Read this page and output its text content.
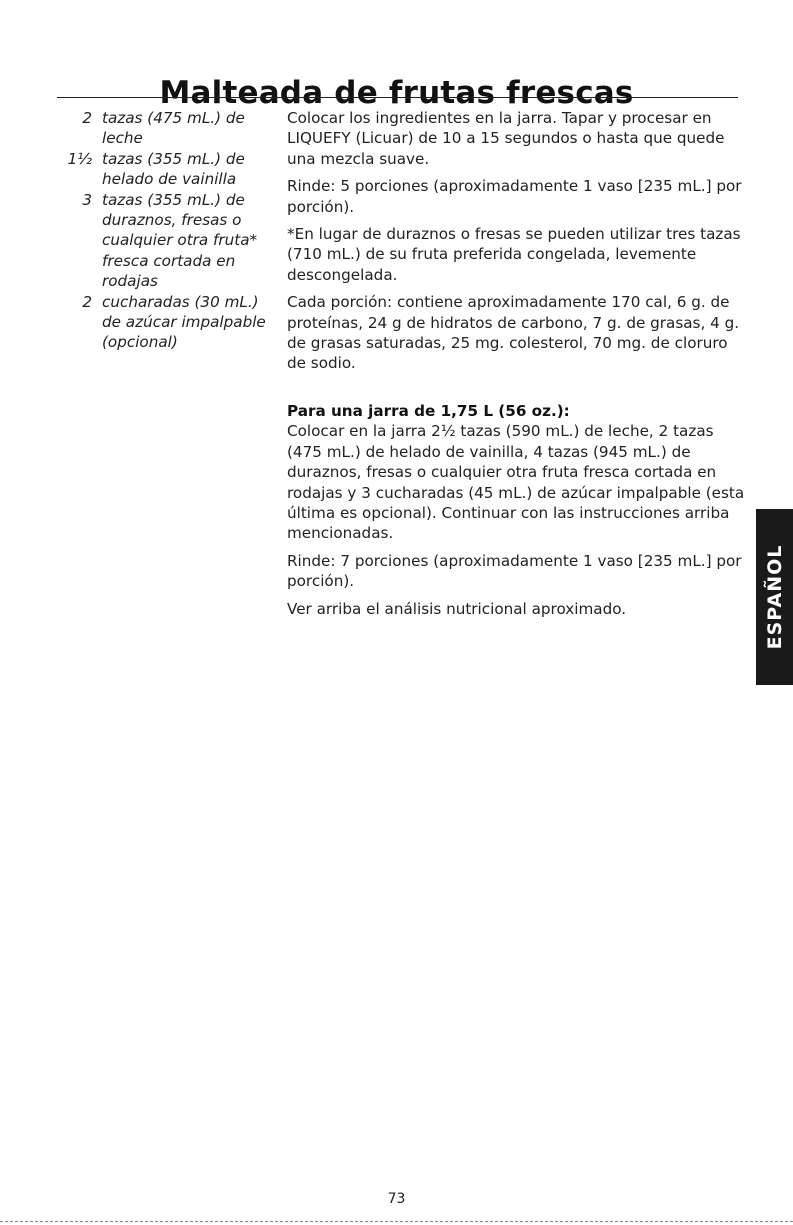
Malteada de frutas frescas
2 tazas (475 mL.) de leche
1½ tazas (355 mL.) de helado de vainilla
3 tazas (355 mL.) de duraznos, fresas o cualquier otra fruta* fresca cortada en rodajas
2 cucharadas (30 mL.) de azúcar impalpable (opcional)

Colocar los ingredientes en la jarra. Tapar y procesar en LIQUEFY (Licuar) de 10 a 15 segundos o hasta que quede una mezcla suave.

Rinde: 5 porciones (aproximadamente 1 vaso [235 mL.] por porción).

*En lugar de duraznos o fresas se pueden utilizar tres tazas (710 mL.) de su fruta preferida congelada, levemente descongelada.

Cada porción: contiene aproximadamente 170 cal, 6 g. de proteínas, 24 g de hidratos de carbono, 7 g. de grasas, 4 g. de grasas saturadas, 25 mg. colesterol, 70 mg. de cloruro de sodio.

Para una jarra de 1,75 L (56 oz.):

Colocar en la jarra 2½ tazas (590 mL.) de leche, 2 tazas (475 mL.) de helado de vainilla, 4 tazas (945 mL.) de duraznos, fresas o cualquier otra fruta fresca cortada en rodajas y 3 cucharadas (45 mL.) de azúcar impalpable (esta última es opcional). Continuar con las instrucciones arriba mencionadas.

Rinde: 7 porciones (aproximadamente 1 vaso [235 mL.] por porción).

Ver arriba el análisis nutricional aproximado.	ESPAÑOL
73
